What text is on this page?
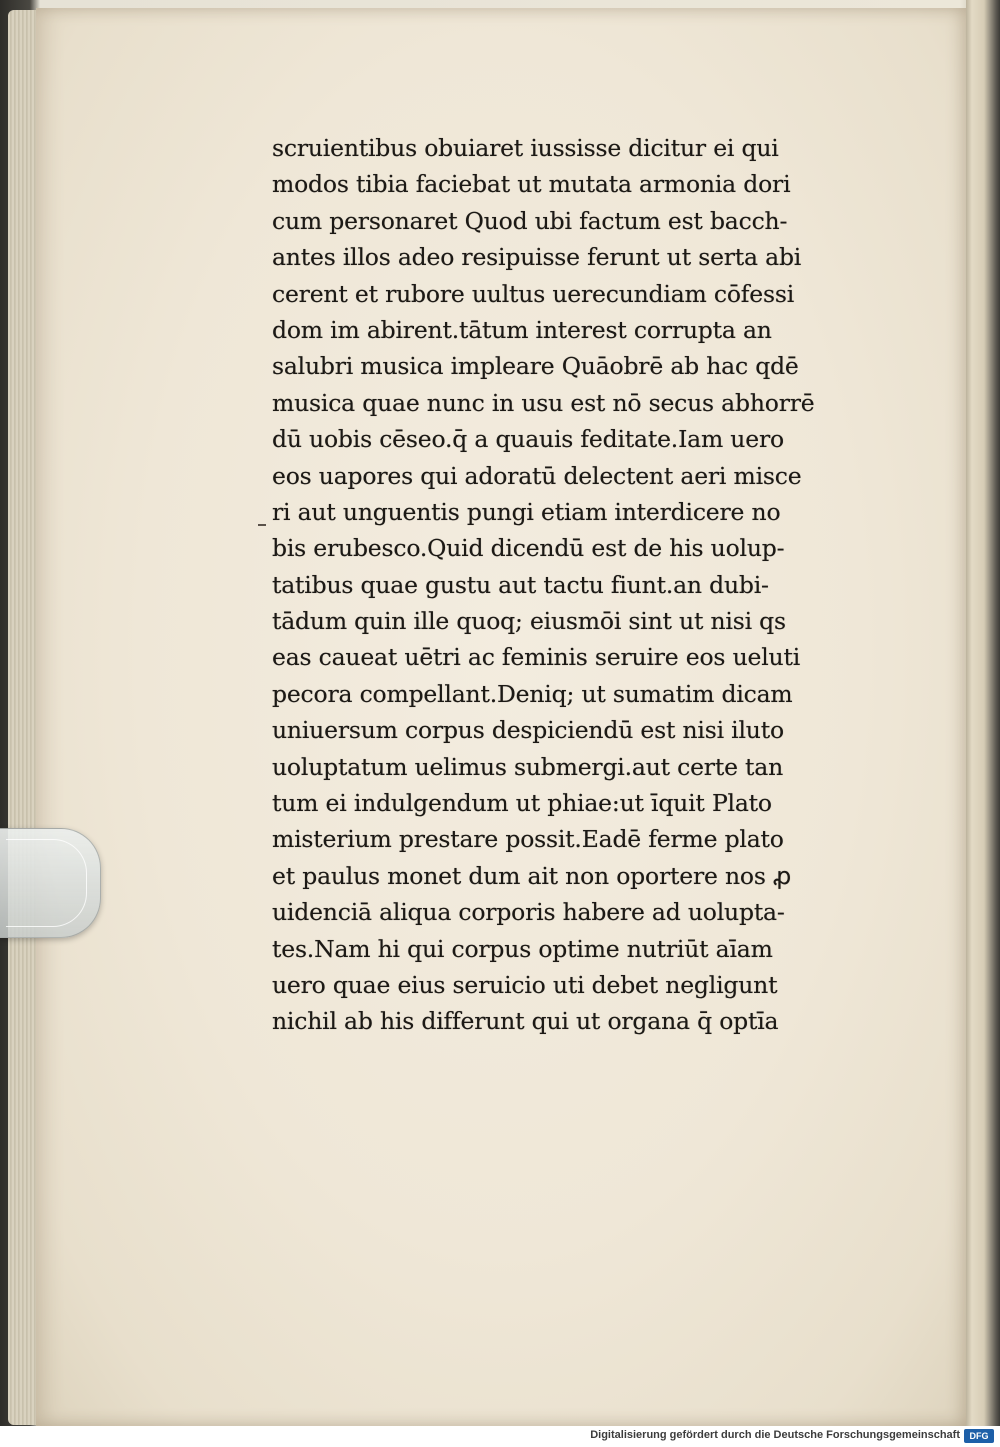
scruientibus obuiaret iussisse dicitur ei qui
modos tibia faciebat ut mutata armonia dori
cum personaret Quod ubi factum est bacch-
antes illos adeo resipuisse ferunt ut serta abi
cerent et rubore uultus uerecundiam cōfessi
dom im abirent.tātum interest corrupta an
salubri musica impleare Quāobrē ab hac qdē
musica quae nunc in usu est nō secus abhorrē
dū uobis cēseo.q̄ a quauis feditate.Iam uero
eos uapores qui adoratū delectent aeri misce
ri aut unguentis pungi etiam interdicere no
bis erubesco.Quid dicendū est de his uolup-
tatibus quae gustu aut tactu fiunt.an dubi-
tādum quin ille quoq; eiusmōi sint ut nisi qs
eas caueat uētri ac feminis seruire eos ueluti
pecora compellant.Deniq; ut sumatim dicam
uniuersum corpus despiciendū est nisi iluto
uoluptatum uelimus submergi.aut certe tan
tum ei indulgendum ut phiae:ut īquit Plato
misterium prestare possit.Eadē ferme plato
et paulus monet dum ait non oportere nos ꝓ
uidenciā aliqua corporis habere ad uolupta-
tes.Nam hi qui corpus optime nutriūt aīam
uero quae eius seruicio uti debet negligunt
nichil ab his differunt qui ut organa q̄ optīa
Digitalisierung gefördert durch die Deutsche Forschungsgemeinschaft	DFG
